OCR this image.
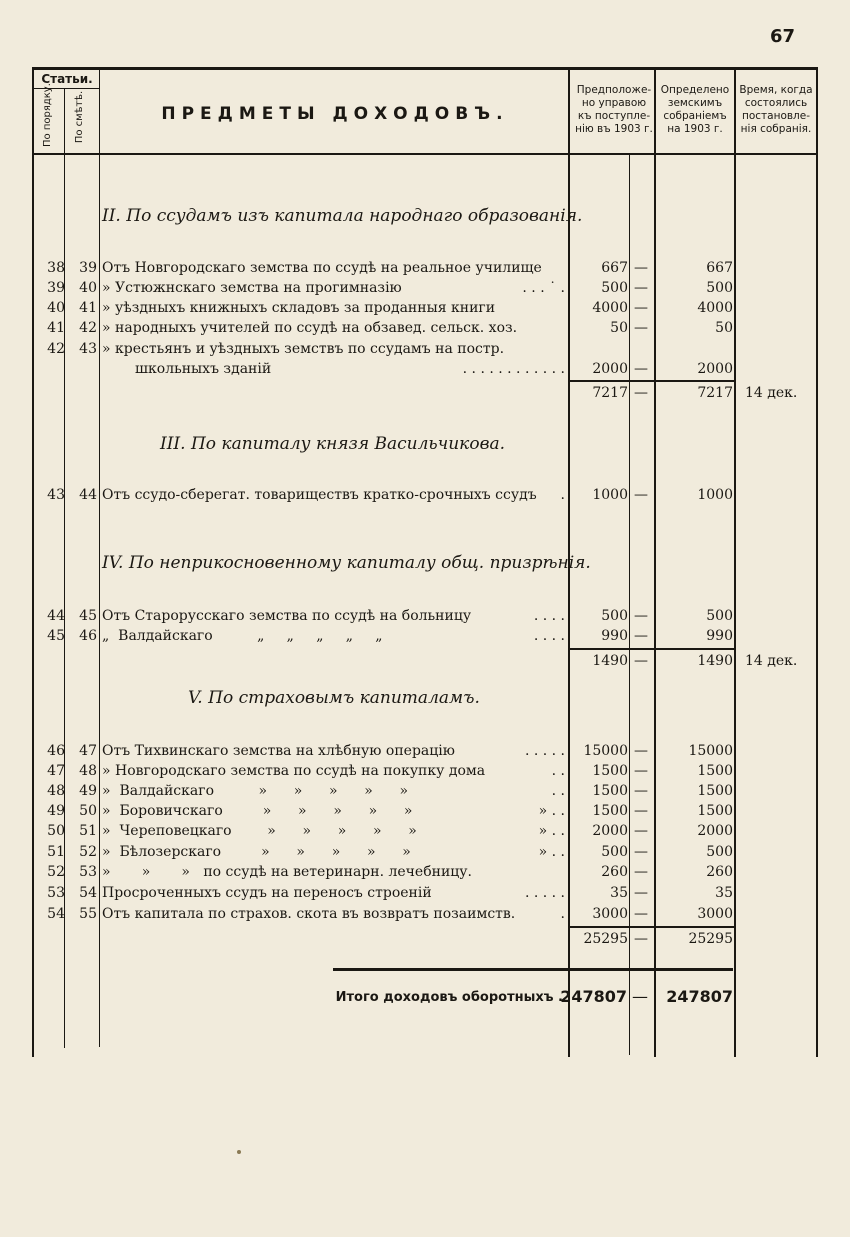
67
Статьи.
По порядку.	По смѣтѣ.	ПРЕДМЕТЫ ДОХОДОВЪ.
Предположе-
но управою
къ поступле-
нію въ 1903 г.
Определено
земскимъ
собраніемъ
на 1903 г.
Время, когда
состоялись
постановле-
нія собранія.
II. По ссудамъ изъ капитала народнаго образованія.
III. По капиталу князя Васильчикова.
IV. По неприкосновенному капиталу общ. призрѣнія.
V. По страховымъ капиталамъ.
38 39 Отъ Новгородскаго земства по ссудѣ на реальное училище	667 —	667
39 40 » Устюжнскаго земства на прогимназію	. . . ˙ .	500 —	500
40 41 » уѣздныхъ книжныхъ складовъ за проданныя книги	4000 —	4000
41 42 » народныхъ учителей по ссудѣ на обзавед. сельск. хоз.	50 —	50
42 43 » крестьянъ и уѣздныхъ земствъ по ссудамъ на постр.
школьныхъ зданій	. . . . . . . . . . . . 2000 —	2000
7217 —	7217 14 дек.
43 44 Отъ ссудо-сберегат. товариществъ кратко-срочныхъ ссудъ . 1000 —	1000
44 45 Отъ Старорусскаго земства по ссудѣ на больницу	. . . .	500 —	500
45 46 „  Валдайскаго          „     „     „     „     „	. . . .	990 —	990
1490 —	1490 14 дек.
46 47 Отъ Тихвинскаго земства на хлѣбную операцію	. . . . . 15000 —	15000
47 48 » Новгородскаго земства по ссудѣ на покупку дома	. . 1500 —	1500
48 49 »  Валдайскаго          »      »      »      »      »	. . 1500 —	1500
49 50 »  Боровичскаго         »      »      »      »      »	» . . 1500 —	1500
50 51 »  Череповецкаго        »      »      »      »      »	» . . 2000 —	2000
51 52 »  Бѣлозерскаго         »      »      »      »      »	» . .	500 —	500
52 53 »       »       »   по ссудѣ на ветеринарн. лечебницу.	260 —	260
53 54 Просроченныхъ ссудъ на переносъ строеній	. . . . .	35 —	35
54 55 Отъ капитала по страхов. скота въ возвратъ позаимств.	. 3000 —	3000
25295 —	25295
Итого доходовъ оборотныхъ .
247807 — 247807
